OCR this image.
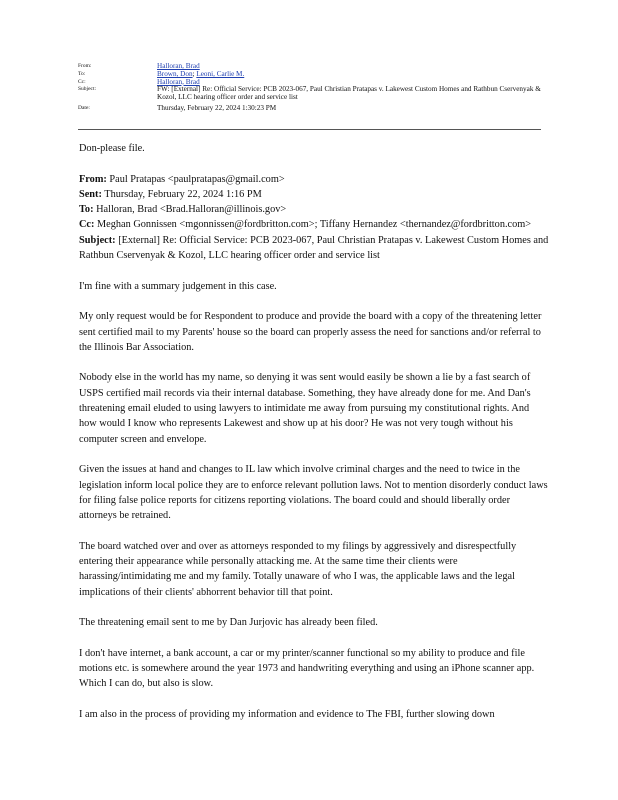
From:	Halloran, Brad
To:	Brown, Don; Leoni, Carlie M.
Cc:	Halloran, Brad
Subject:	FW: [External] Re: Official Service: PCB 2023-067, Paul Christian Pratapas v. Lakewest Custom Homes and Rathbun Cservenyak & Kozol, LLC hearing officer order and service list
Date:	Thursday, February 22, 2024 1:30:23 PM

Don-please file.

From: Paul Pratapas <paulpratapas@gmail.com>
Sent: Thursday, February 22, 2024 1:16 PM
To: Halloran, Brad <Brad.Halloran@illinois.gov>
Cc: Meghan Gonnissen <mgonnissen@fordbritton.com>; Tiffany Hernandez <thernandez@fordbritton.com>
Subject: [External] Re: Official Service: PCB 2023-067, Paul Christian Pratapas v. Lakewest Custom Homes and Rathbun Cservenyak & Kozol, LLC hearing officer order and service list

I'm fine with a summary judgement in this case.

My only request would be for Respondent to produce and provide the board with a copy of the threatening letter sent certified mail to my Parents' house so the board can properly assess the need for sanctions and/or referral to the Illinois Bar Association.

Nobody else in the world has my name, so denying it was sent would easily be shown a lie by a fast search of USPS certified mail records via their internal database. Something, they have already done for me. And Dan's threatening email eluded to using lawyers to intimidate me away from pursuing my constitutional rights. And how would I know who represents Lakewest and show up at his door? He was not very tough without his computer screen and envelope.

Given the issues at hand and changes to IL law which involve criminal charges and the need to twice in the legislation inform local police they are to enforce relevant pollution laws. Not to mention disorderly conduct laws for filing false police reports for citizens reporting violations. The board could and should liberally order attorneys be retrained.

The board watched over and over as attorneys responded to my filings by aggressively and disrespectfully entering their appearance while personally attacking me. At the same time their clients were harassing/intimidating me and my family. Totally unaware of who I was, the applicable laws and the legal implications of their clients' abhorrent behavior till that point.

The threatening email sent to me by Dan Jurjovic has already been filed.

I don't have internet, a bank account, a car or my printer/scanner functional so my ability to produce and file motions etc. is somewhere around the year 1973 and handwriting everything and using an iPhone scanner app. Which I can do, but also is slow.

I am also in the process of providing my information and evidence to The FBI, further slowing down
